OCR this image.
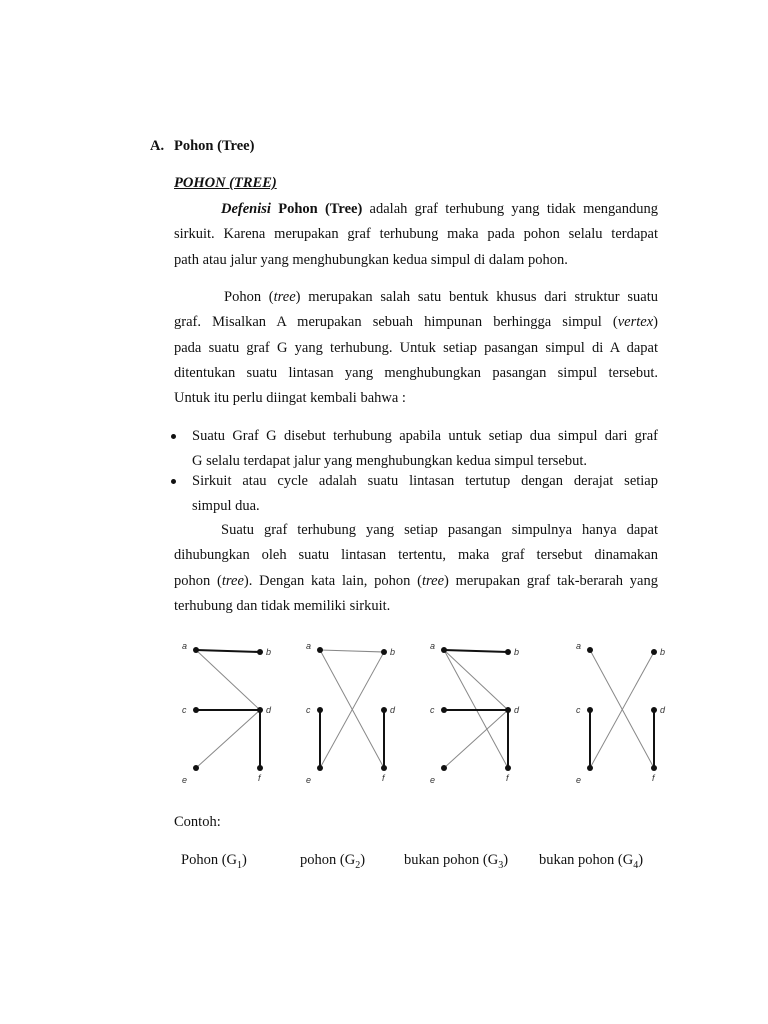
A. Pohon (Tree)
POHON (TREE)
Defenisi Pohon (Tree) adalah graf terhubung yang tidak mengandung
sirkuit. Karena merupakan graf terhubung maka pada pohon selalu terdapat
path atau jalur yang menghubungkan kedua simpul di dalam pohon.
Pohon (tree) merupakan salah satu bentuk khusus dari struktur suatu
graf. Misalkan A merupakan sebuah himpunan berhingga simpul (vertex)
pada suatu graf G yang terhubung. Untuk setiap pasangan simpul di A dapat
ditentukan suatu lintasan yang menghubungkan pasangan simpul tersebut.
Untuk itu perlu diingat kembali bahwa :
Suatu Graf G disebut terhubung apabila untuk setiap dua simpul dari graf
G selalu terdapat jalur yang menghubungkan kedua simpul tersebut.
Sirkuit atau cycle adalah suatu lintasan tertutup dengan derajat setiap
simpul dua.
Suatu graf terhubung yang setiap pasangan simpulnya hanya dapat
dihubungkan oleh suatu lintasan tertentu, maka graf tersebut dinamakan
pohon (tree). Dengan kata lain, pohon (tree) merupakan graf tak-berarah yang
terhubung dan tidak memiliki sirkuit.
a
b
c	d
e	f
a
b
c	d
e	f
a
b
c	d
e	f
a
b
c	d
e	f
Contoh:
Pohon $(G_1)$	pohon $(G_2)$	bukan pohon $(G_3)$ bukan pohon $(G_4)$
